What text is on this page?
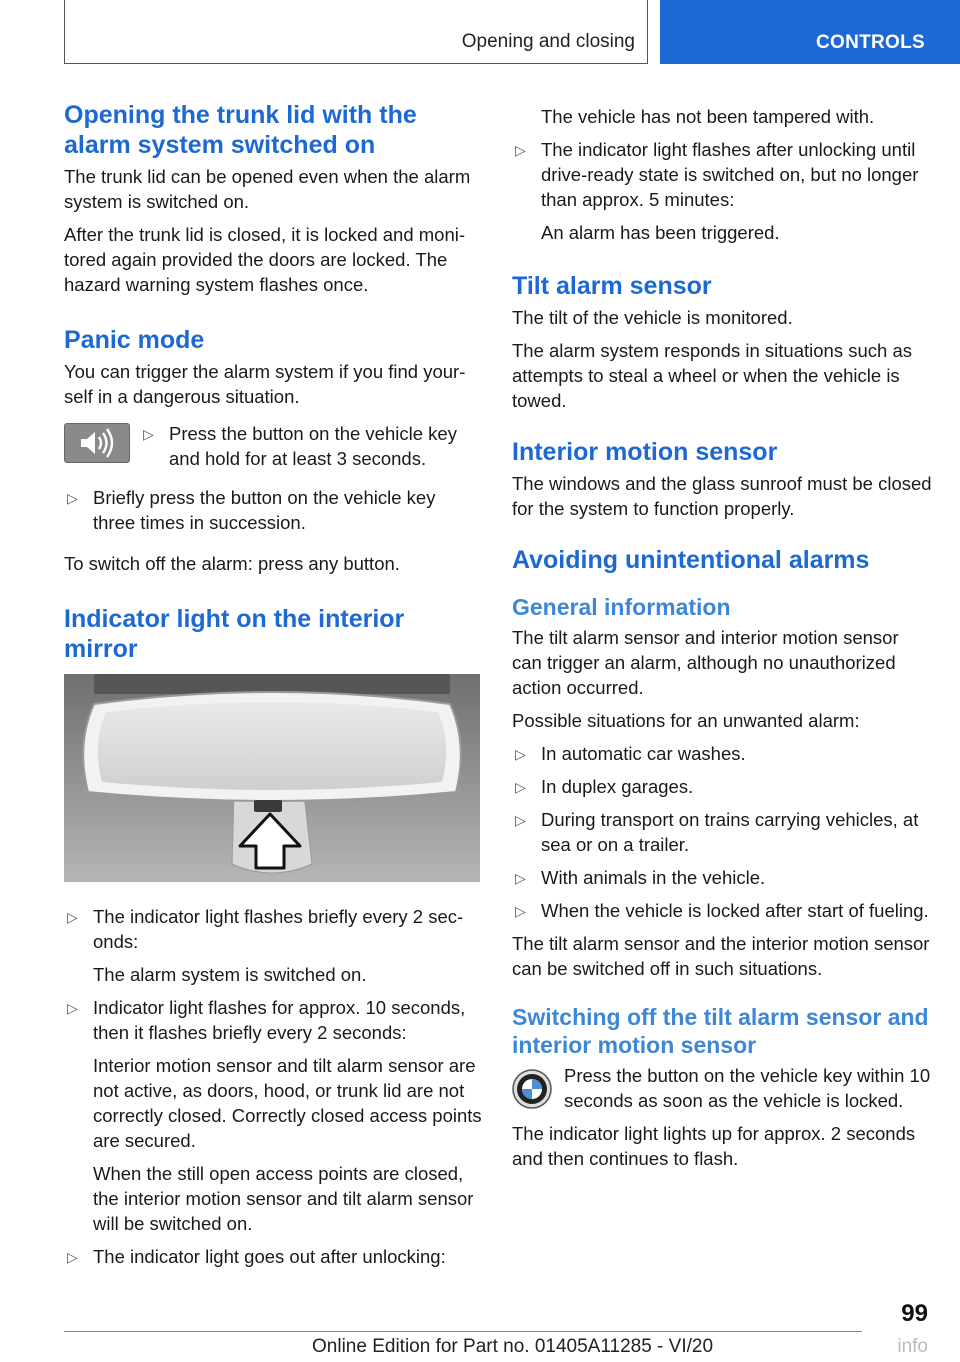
Opening and closing	CONTROLS
Opening the trunk lid with the alarm system switched on

The trunk lid can be opened even when the alarm system is switched on.

After the trunk lid is closed, it is locked and monitored again provided the doors are locked. The hazard warning system flashes once.

Panic mode

You can trigger the alarm system if you find yourself in a dangerous situation.

▷ Press the button on the vehicle key and hold for at least 3 seconds.
▷ Briefly press the button on the vehicle key three times in succession.

To switch off the alarm: press any button.

Indicator light on the interior mirror
▷ The indicator light flashes briefly every 2 seconds:

The alarm system is switched on.

▷ Indicator light flashes for approx. 10 seconds, then it flashes briefly every 2 seconds:

Interior motion sensor and tilt alarm sensor are not active, as doors, hood, or trunk lid are not correctly closed. Correctly closed access points are secured.

When the still open access points are closed, the interior motion sensor and tilt alarm sensor will be switched on.

▷ The indicator light goes out after unlocking:

The vehicle has not been tampered with.

▷ The indicator light flashes after unlocking until drive-ready state is switched on, but no longer than approx. 5 minutes:

An alarm has been triggered.

Tilt alarm sensor

The tilt of the vehicle is monitored.

The alarm system responds in situations such as attempts to steal a wheel or when the vehicle is towed.

Interior motion sensor

The windows and the glass sunroof must be closed for the system to function properly.

Avoiding unintentional alarms
General information

The tilt alarm sensor and interior motion sensor can trigger an alarm, although no unauthorized action occurred.

Possible situations for an unwanted alarm:

▷ In automatic car washes.
▷ In duplex garages.
▷ During transport on trains carrying vehicles, at sea or on a trailer.
▷ With animals in the vehicle.
▷ When the vehicle is locked after start of fueling.

The tilt alarm sensor and the interior motion sensor can be switched off in such situations.

Switching off the tilt alarm sensor and interior motion sensor
Press the button on the vehicle key within 10 seconds as soon as the vehicle is locked.

The indicator light lights up for approx. 2 seconds and then continues to flash.

99
Online Edition for Part no. 01405A11285 - VI/20	info
